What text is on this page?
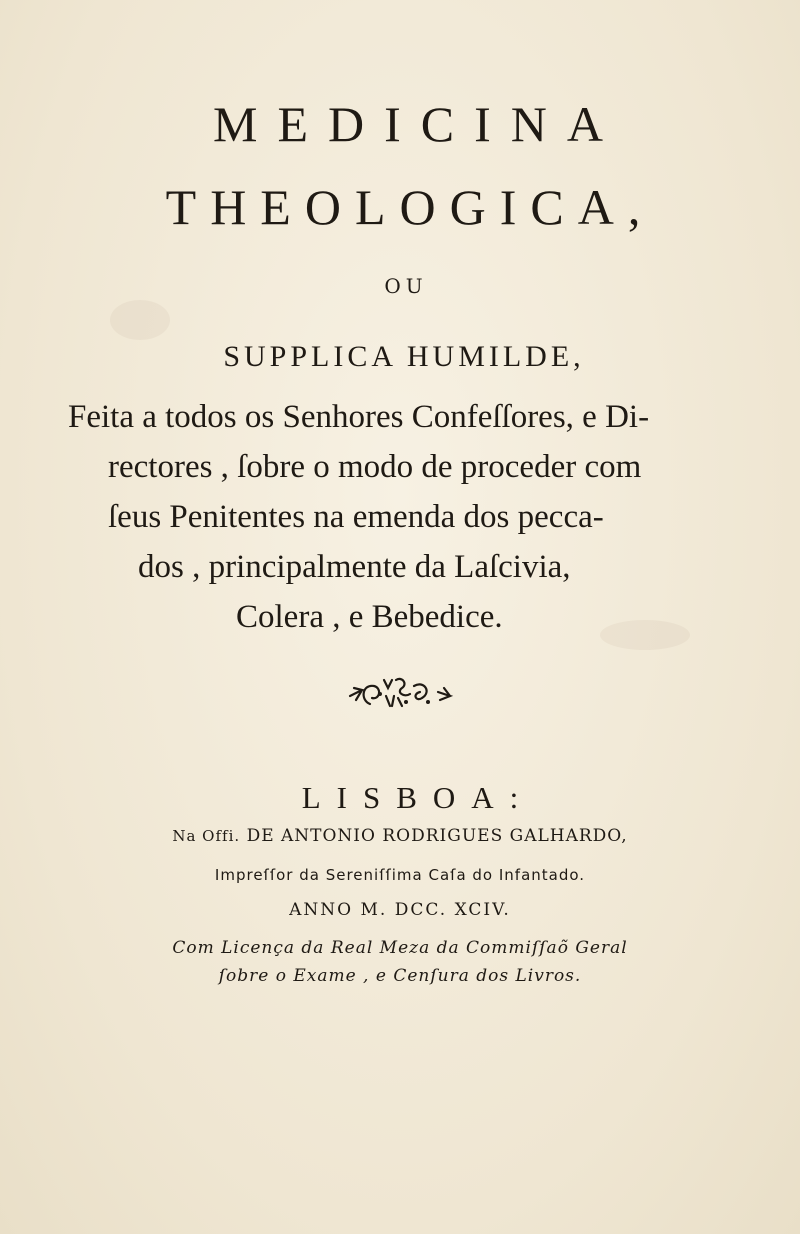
MEDICINA
THEOLOGICA,
OU
SUPPLICA HUMILDE,
Feita a todos os Senhores Confeſſores, e Di-
rectores , ſobre o modo de proceder com
ſeus Penitentes na emenda dos pecca-
dos , principalmente da Laſcivia,
Colera , e Bebedice.
LISBOA:
Na Offi. DE ANTONIO RODRIGUES GALHARDO,
Impreſſor da Sereniſſima Caſa do Infantado.
ANNO M. DCC. XCIV.
Com Licença da Real Meza da Commiſſaõ Geral
ſobre o Exame , e Cenſura dos Livros.
